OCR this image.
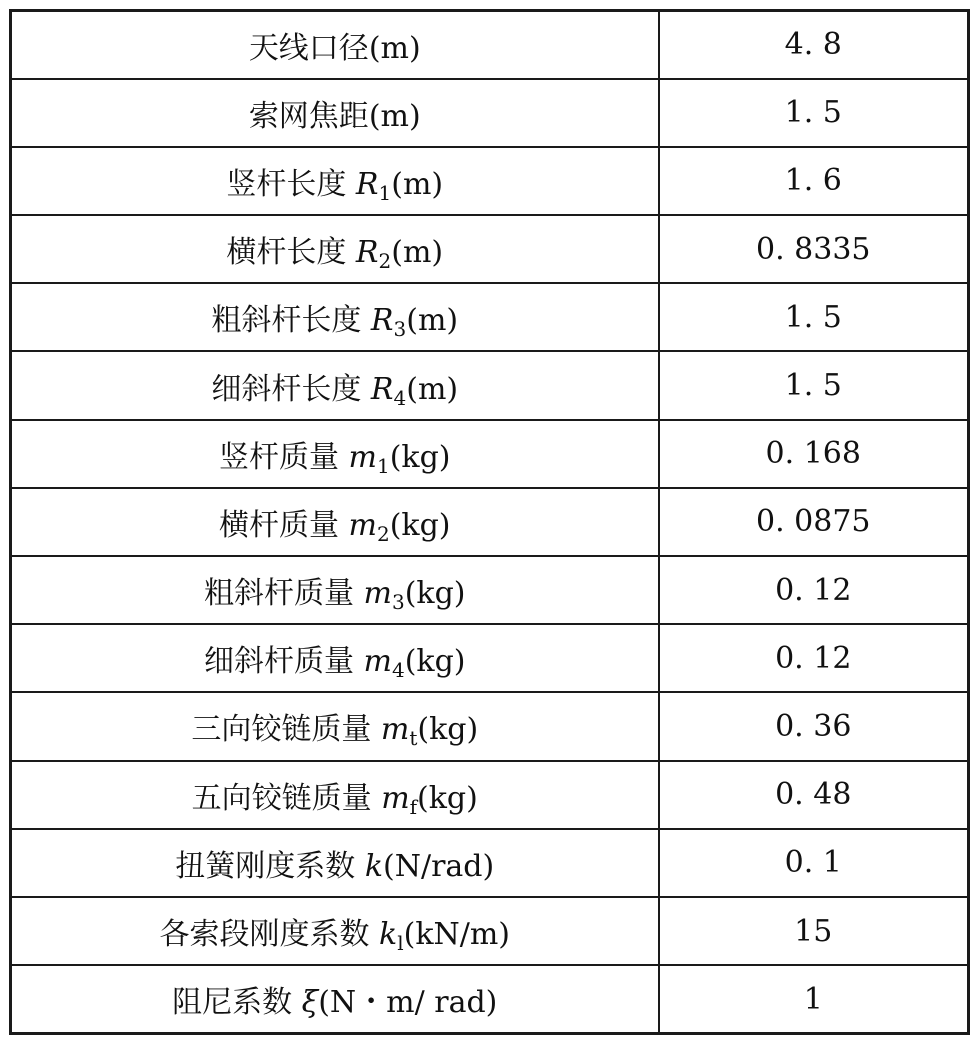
天线口径(m)	4. 8
索网焦距(m)	1. 5
竖杆长度 $R_1(m)$	1. 6
横杆长度 $R_2(m)$	0. 8335
粗斜杆长度 $R_3(m)$	1. 5
细斜杆长度 $R_4(m)$	1. 5
竖杆质量 $m_1(kg)$	0. 168
横杆质量 $m_2(kg)$	0. 0875
粗斜杆质量 $m_3(kg)$	0. 12
细斜杆质量 $m_4(kg)$	0. 12
三向铰链质量 $m_t(kg)$	0. 36
五向铰链质量 $m_f(kg)$	0. 48
扭簧刚度系数 k(N/rad)	0. 1
各索段刚度系数 $k_l(kN/m)$	15
阻尼系数 ξ(N・m/ rad)	1
